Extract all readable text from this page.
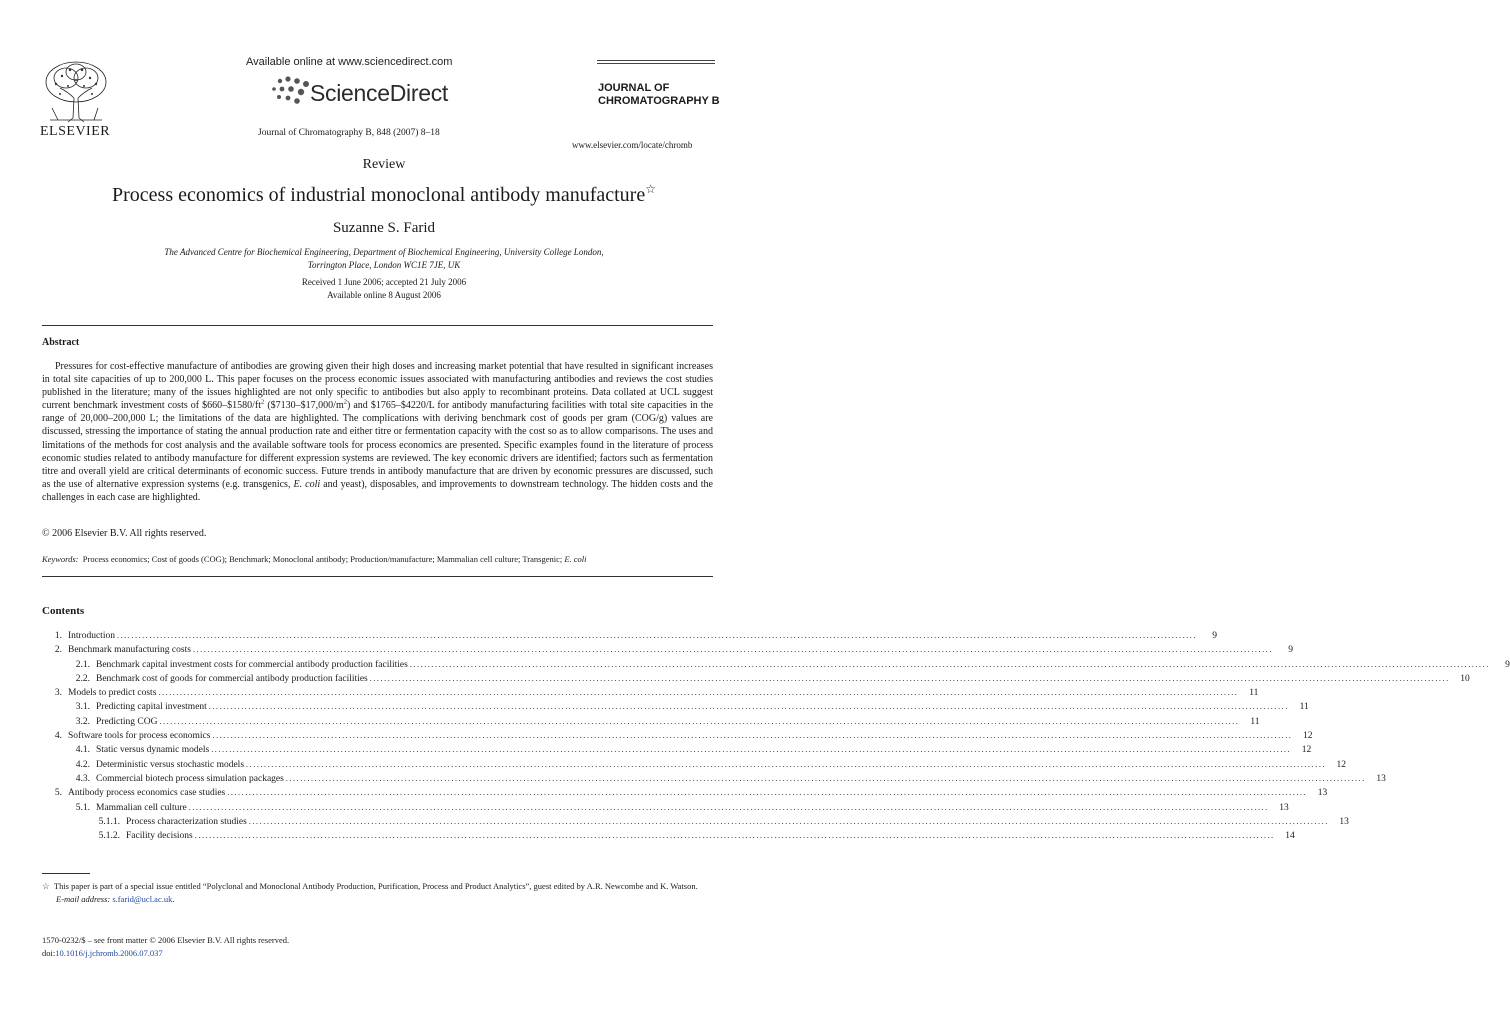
ELSEVIER
Available online at www.sciencedirect.com
ScienceDirect
Journal of Chromatography B, 848 (2007) 8–18
JOURNAL OF
CHROMATOGRAPHY B
www.elsevier.com/locate/chromb
Review
Process economics of industrial monoclonal antibody manufacture☆
Suzanne S. Farid
The Advanced Centre for Biochemical Engineering, Department of Biochemical Engineering, University College London,
Torrington Place, London WC1E 7JE, UK
Received 1 June 2006; accepted 21 July 2006
Available online 8 August 2006
Abstract
Pressures for cost-effective manufacture of antibodies are growing given their high doses and increasing market potential that have resulted in significant increases in total site capacities of up to 200,000 L. This paper focuses on the process economic issues associated with manufacturing antibodies and reviews the cost studies published in the literature; many of the issues highlighted are not only specific to antibodies but also apply to recombinant proteins. Data collated at UCL suggest current benchmark investment costs of $\$660-\$1580/ft^2$ $(\$7130-\$17,000/m^2)$ and $1765–$4220/L for antibody manufacturing facilities with total site capacities in the range of 20,000–200,000 L; the limitations of the data are highlighted. The complications with deriving benchmark cost of goods per gram (COG/g) values are discussed, stressing the importance of stating the annual production rate and either titre or fermentation capacity with the cost so as to allow comparisons. The uses and limitations of the methods for cost analysis and the available software tools for process economics are presented. Specific examples found in the literature of process economic studies related to antibody manufacture for different expression systems are reviewed. The key economic drivers are identified; factors such as fermentation titre and overall yield are critical determinants of economic success. Future trends in antibody manufacture that are driven by economic pressures are discussed, such as the use of alternative expression systems (e.g. transgenics, E. coli and yeast), disposables, and improvements to downstream technology. The hidden costs and the challenges in each case are highlighted.
© 2006 Elsevier B.V. All rights reserved.
Keywords: Process economics; Cost of goods (COG); Benchmark; Monoclonal antibody; Production/manufacture; Mammalian cell culture; Transgenic; E. coli
Contents
1. Introduction ............................................................................................................................................................................................................................................................................................................	9
2. Benchmark manufacturing costs ............................................................................................................................................................................................................................................................................................................	9
2.1. Benchmark capital investment costs for commercial antibody production facilities ............................................................................................................................................................................................................................................................................................................	9
2.2. Benchmark cost of goods for commercial antibody production facilities ............................................................................................................................................................................................................................................................................................................	10
3. Models to predict costs ............................................................................................................................................................................................................................................................................................................	11
3.1. Predicting capital investment ............................................................................................................................................................................................................................................................................................................	11
3.2. Predicting COG ............................................................................................................................................................................................................................................................................................................	11
4. Software tools for process economics ............................................................................................................................................................................................................................................................................................................	12
4.1. Static versus dynamic models ............................................................................................................................................................................................................................................................................................................	12
4.2. Deterministic versus stochastic models ............................................................................................................................................................................................................................................................................................................	12
4.3. Commercial biotech process simulation packages ............................................................................................................................................................................................................................................................................................................	13
5. Antibody process economics case studies ............................................................................................................................................................................................................................................................................................................	13
5.1. Mammalian cell culture ............................................................................................................................................................................................................................................................................................................	13
5.1.1. Process characterization studies ............................................................................................................................................................................................................................................................................................................	13
5.1.2. Facility decisions ............................................................................................................................................................................................................................................................................................................	14
☆ This paper is part of a special issue entitled “Polyclonal and Monoclonal Antibody Production, Purification, Process and Product Analytics”, guest edited by A.R. Newcombe and K. Watson.
E-mail address: s.farid@ucl.ac.uk.
1570-0232/$ – see front matter © 2006 Elsevier B.V. All rights reserved.
doi:10.1016/j.jchromb.2006.07.037
